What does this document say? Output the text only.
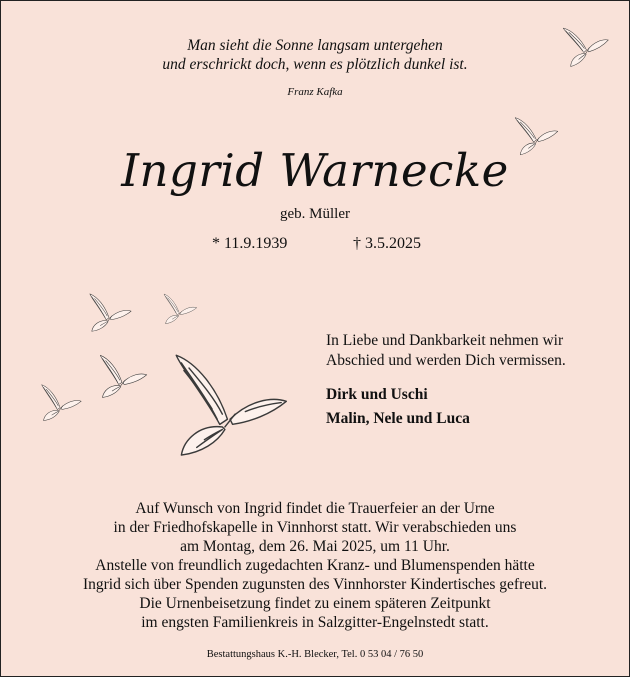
Man sieht die Sonne langsam untergehen
und erschrickt doch, wenn es plötzlich dunkel ist.
Franz Kafka
Ingrid Warnecke
geb. Müller
* 11.9.1939	† 3.5.2025
In Liebe und Dankbarkeit nehmen wir
Abschied und werden Dich vermissen.
Dirk und Uschi
Malin, Nele und Luca
Auf Wunsch von Ingrid findet die Trauerfeier an der Urne
in der Friedhofskapelle in Vinnhorst statt. Wir verabschieden uns
am Montag, dem 26. Mai 2025, um 11 Uhr.
Anstelle von freundlich zugedachten Kranz- und Blumenspenden hätte
Ingrid sich über Spenden zugunsten des Vinnhorster Kindertisches gefreut.
Die Urnenbeisetzung findet zu einem späteren Zeitpunkt
im engsten Familienkreis in Salzgitter-Engelnstedt statt.
Bestattungshaus K.-H. Blecker, Tel. 0 53 04 / 76 50
